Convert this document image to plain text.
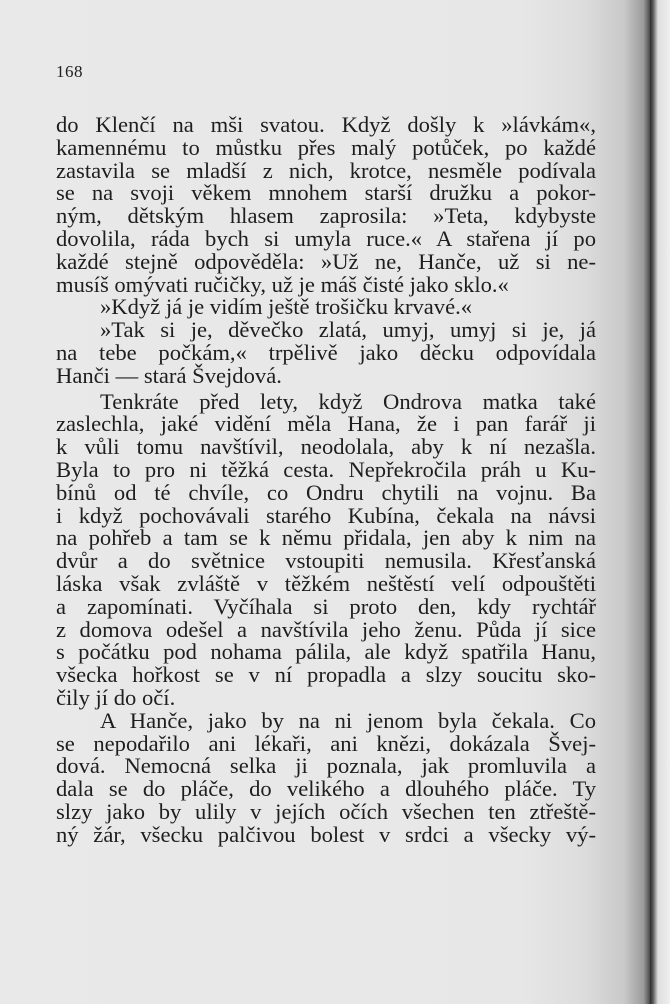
168
do Klenčí na mši svatou. Když došly k »lávkám«,
kamennému to můstku přes malý potůček, po každé
zastavila se mladší z nich, krotce, nesměle podívala
se na svoji věkem mnohem starší družku a pokor-
ným, dětským hlasem zaprosila: »Teta, kdybyste
dovolila, ráda bych si umyla ruce.« A stařena jí po
každé stejně odpověděla: »Už ne, Hanče, už si ne-
musíš omývati ručičky, už je máš čisté jako sklo.«
»Když já je vidím ještě trošičku krvavé.«
»Tak si je, děvečko zlatá, umyj, umyj si je, já
na tebe počkám,« trpělivě jako děcku odpovídala
Hanči — stará Švejdová.
Tenkráte před lety, když Ondrova matka také
zaslechla, jaké vidění měla Hana, že i pan farář ji
k vůli tomu navštívil, neodolala, aby k ní nezašla.
Byla to pro ni těžká cesta. Nepřekročila práh u Ku-
bínů od té chvíle, co Ondru chytili na vojnu. Ba
i když pochovávali starého Kubína, čekala na návsi
na pohřeb a tam se k němu přidala, jen aby k nim na
dvůr a do světnice vstoupiti nemusila. Křesťanská
láska však zvláště v těžkém neštěstí velí odpouštěti
a zapomínati. Vyčíhala si proto den, kdy rychtář
z domova odešel a navštívila jeho ženu. Půda jí sice
s počátku pod nohama pálila, ale když spatřila Hanu,
všecka hořkost se v ní propadla a slzy soucitu sko-
čily jí do očí.
A Hanče, jako by na ni jenom byla čekala. Co
se nepodařilo ani lékaři, ani knězi, dokázala Švej-
dová. Nemocná selka ji poznala, jak promluvila a
dala se do pláče, do velikého a dlouhého pláče. Ty
slzy jako by ulily v jejích očích všechen ten ztřeště-
ný žár, všecku palčivou bolest v srdci a všecky vý-
